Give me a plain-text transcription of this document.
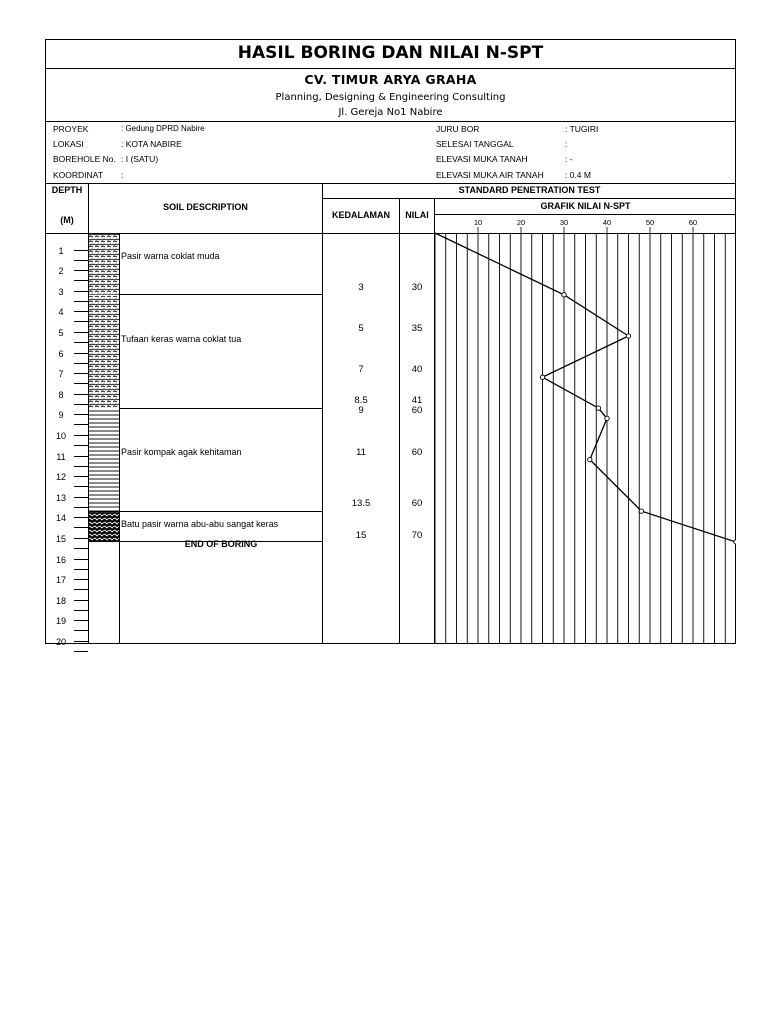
HASIL BORING DAN NILAI N-SPT
CV. TIMUR ARYA GRAHA
Planning, Designing & Engineering Consulting
Jl. Gereja No1 Nabire
PROYEK	: Gedung DPRD Nabire
LOKASI	: KOTA NABIRE
BOREHOLE No. : I (SATU)
KOORDINAT :
JURU BOR	: TUGIRI
SELESAI TANGGAL	:
ELEVASI MUKA TANAH	: -
ELEVASI MUKA AIR TANAH	: 0.4 M
DEPTH
(M)
SOIL DESCRIPTION
STANDARD PENETRATION TEST
KEDALAMAN	NILAI
GRAFIK NILAI N-SPT
1
2
3
4
5
6
7
8
9
10
11
12
13
14
15
16
17
18
19
20
Pasir warna coklat muda
Tufaan keras warna coklat tua
Pasir kompak agak kehitaman
Batu pasir warna abu-abu sangat keras
END OF BORING
3	30
5	35
7	40
8.5	41
9	60
11	60
13.5	60
15	70
10	20	30	40	50	60
